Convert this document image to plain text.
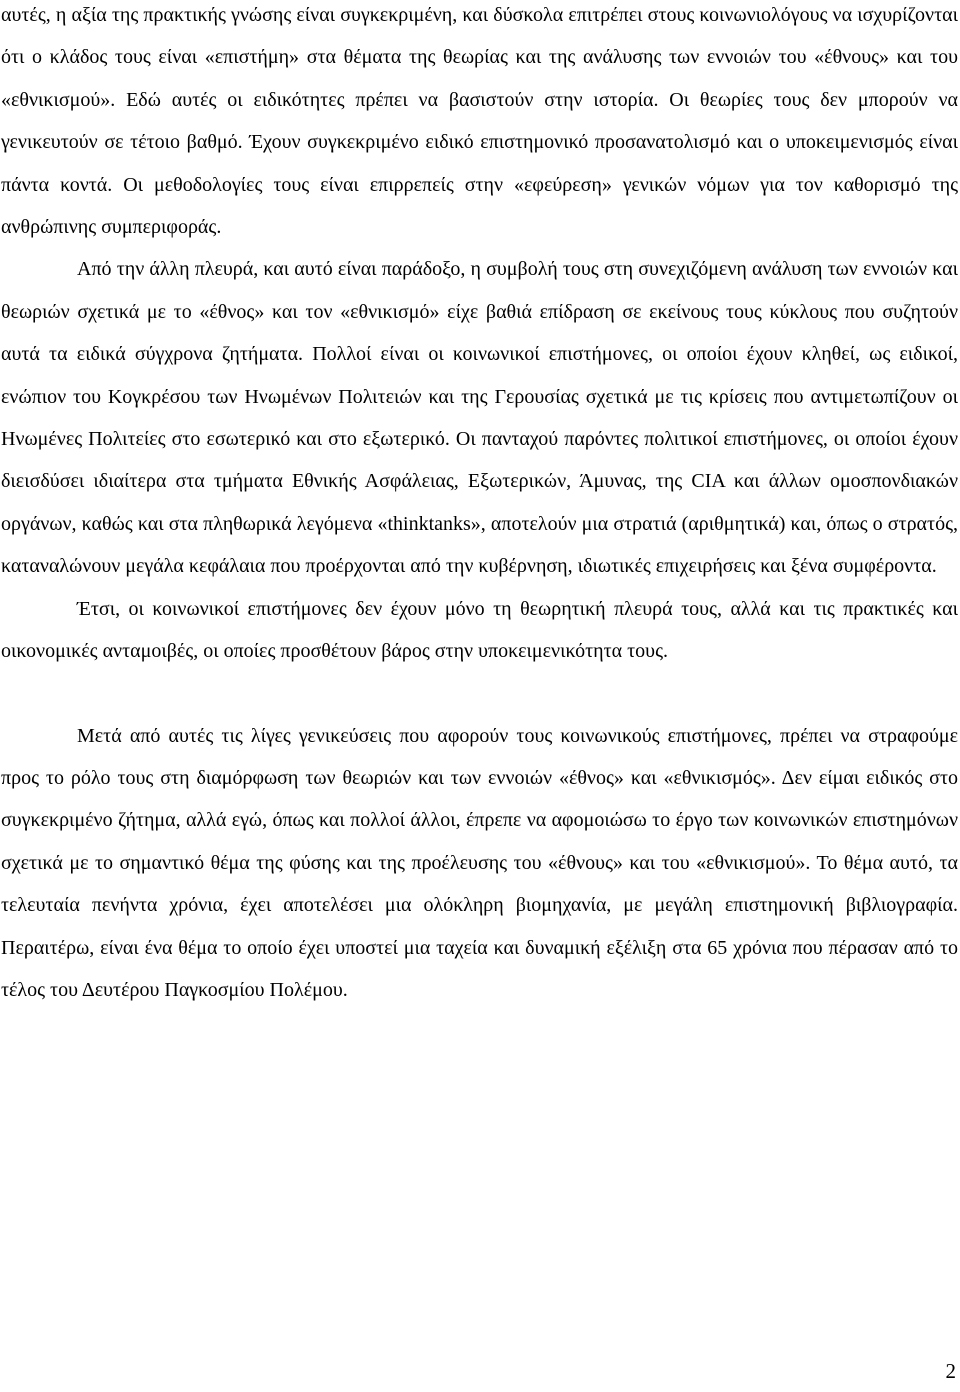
αυτές, η αξία της πρακτικής γνώσης είναι συγκεκριμένη, και δύσκολα επιτρέπει στους κοινωνιολόγους να ισχυρίζονται ότι ο κλάδος τους είναι «επιστήμη» στα θέματα της θεωρίας και της ανάλυσης των εννοιών του «έθνους» και του «εθνικισμού». Εδώ αυτές οι ειδικότητες πρέπει να βασιστούν στην ιστορία. Οι θεωρίες τους δεν μπορούν να γενικευτούν σε τέτοιο βαθμό. Έχουν συγκεκριμένο ειδικό επιστημονικό προσανατολισμό και ο υποκειμενισμός είναι πάντα κοντά. Οι μεθοδολογίες τους είναι επιρρεπείς στην «εφεύρεση» γενικών νόμων για τον καθορισμό της ανθρώπινης συμπεριφοράς.

Από την άλλη πλευρά, και αυτό είναι παράδοξο, η συμβολή τους στη συνεχιζόμενη ανάλυση των εννοιών και θεωριών σχετικά με το «έθνος» και τον «εθνικισμό» είχε βαθιά επίδραση σε εκείνους τους κύκλους που συζητούν αυτά τα ειδικά σύγχρονα ζητήματα. Πολλοί είναι οι κοινωνικοί επιστήμονες, οι οποίοι έχουν κληθεί, ως ειδικοί, ενώπιον του Κογκρέσου των Ηνωμένων Πολιτειών και της Γερουσίας σχετικά με τις κρίσεις που αντιμετωπίζουν οι Ηνωμένες Πολιτείες στο εσωτερικό και στο εξωτερικό. Οι πανταχού παρόντες πολιτικοί επιστήμονες, οι οποίοι έχουν διεισδύσει ιδιαίτερα στα τμήματα Εθνικής Ασφάλειας, Εξωτερικών, Άμυνας, της CIA και άλλων ομοσπονδιακών οργάνων, καθώς και στα πληθωρικά λεγόμενα «thinktanks», αποτελούν μια στρατιά (αριθμητικά) και, όπως ο στρατός, καταναλώνουν μεγάλα κεφάλαια που προέρχονται από την κυβέρνηση, ιδιωτικές επιχειρήσεις και ξένα συμφέροντα.

Έτσι, οι κοινωνικοί επιστήμονες δεν έχουν μόνο τη θεωρητική πλευρά τους, αλλά και τις πρακτικές και οικονομικές ανταμοιβές, οι οποίες προσθέτουν βάρος στην υποκειμενικότητα τους.

Μετά από αυτές τις λίγες γενικεύσεις που αφορούν τους κοινωνικούς επιστήμονες, πρέπει να στραφούμε προς το ρόλο τους στη διαμόρφωση των θεωριών και των εννοιών «έθνος» και «εθνικισμός». Δεν είμαι ειδικός στο συγκεκριμένο ζήτημα, αλλά εγώ, όπως και πολλοί άλλοι, έπρεπε να αφομοιώσω το έργο των κοινωνικών επιστημόνων σχετικά με το σημαντικό θέμα της φύσης και της προέλευσης του «έθνους» και του «εθνικισμού». Το θέμα αυτό, τα τελευταία πενήντα χρόνια, έχει αποτελέσει μια ολόκληρη βιομηχανία, με μεγάλη επιστημονική βιβλιογραφία. Περαιτέρω, είναι ένα θέμα το οποίο έχει υποστεί μια ταχεία και δυναμική εξέλιξη στα 65 χρόνια που πέρασαν από το τέλος του Δευτέρου Παγκοσμίου Πολέμου.

2
